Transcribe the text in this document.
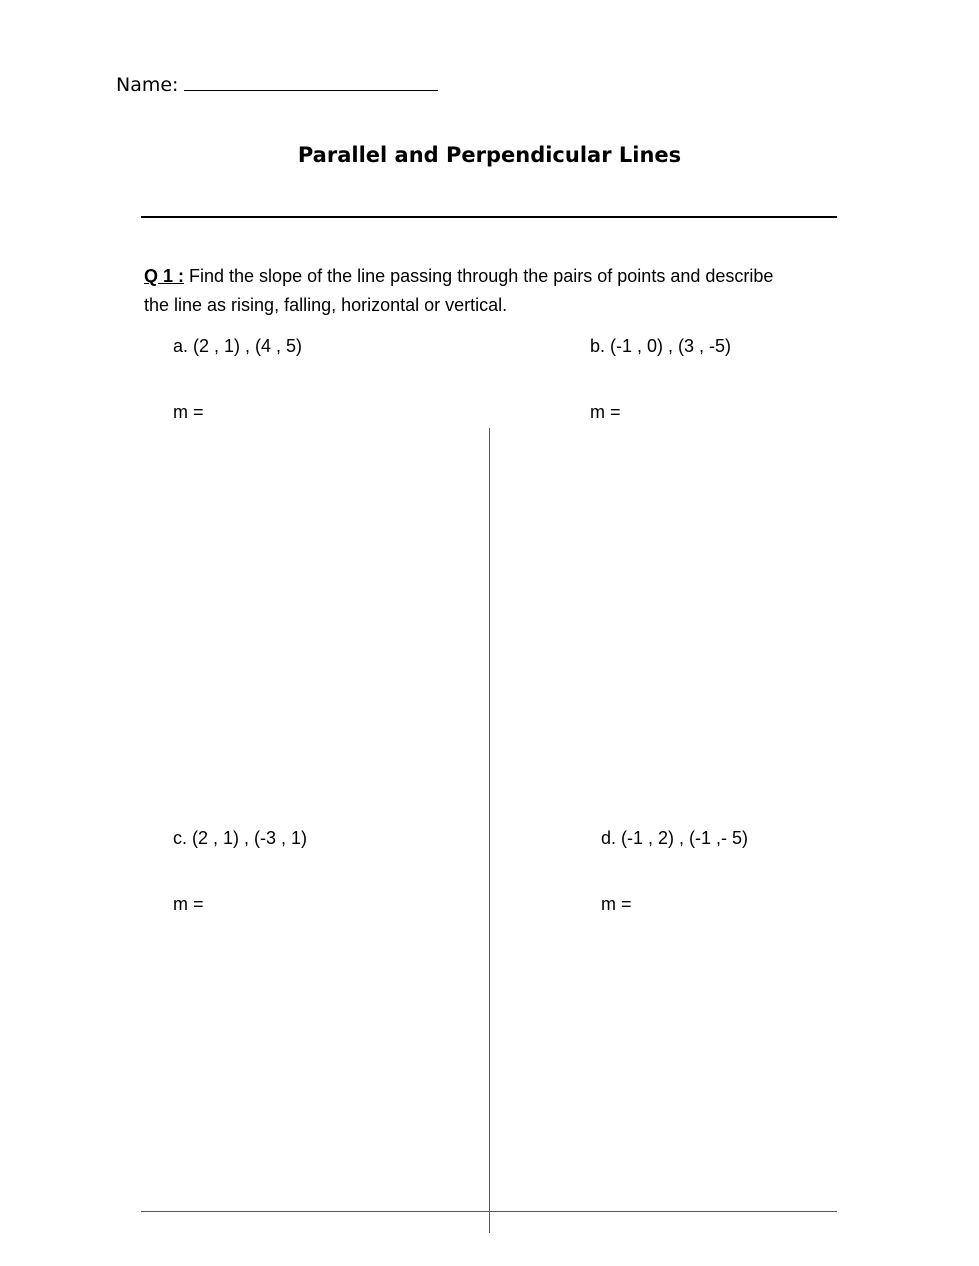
Name:
Parallel and Perpendicular Lines
Q 1 : Find the slope of the line passing through the pairs of points and describe the line as rising, falling, horizontal or vertical.
a. (2 , 1) , (4 , 5)	b. (-1 , 0) , (3 , -5)
m =	m =
c. (2 , 1) , (-3 , 1)	d. (-1 , 2) , (-1 ,- 5)
m =	m =
